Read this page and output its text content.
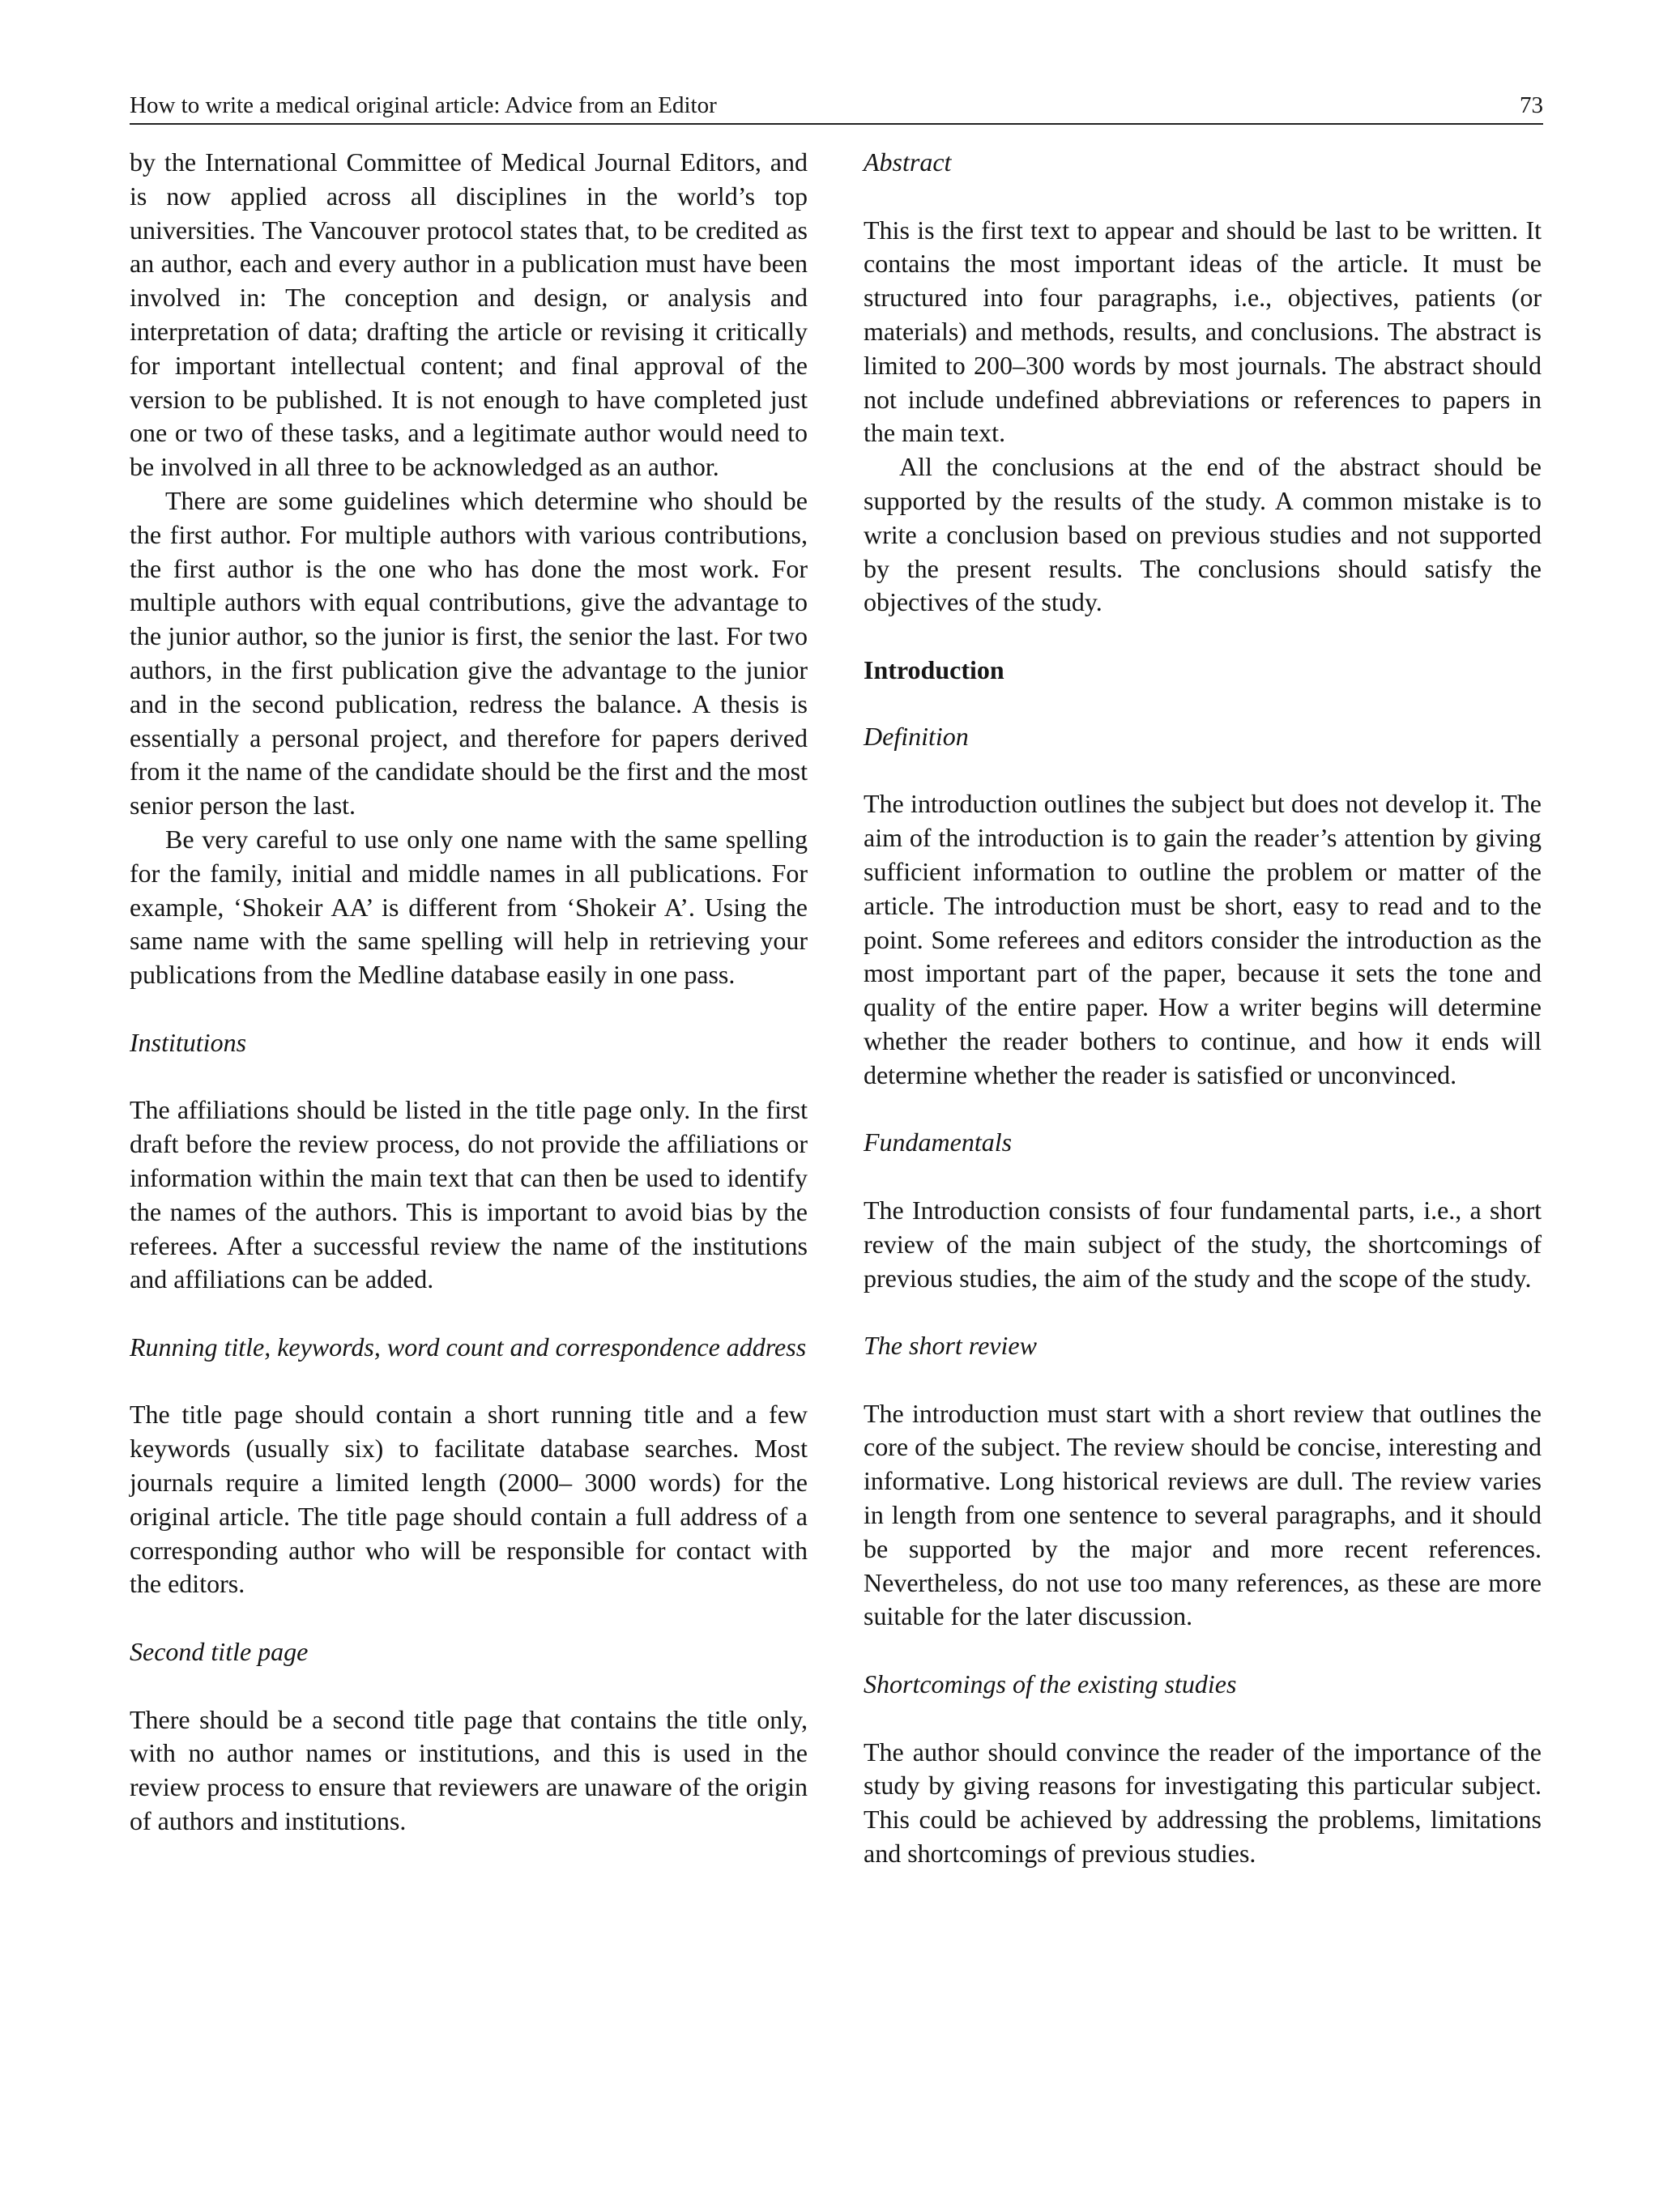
How to write a medical original article: Advice from an Editor	73

by the International Committee of Medical Journal Editors, and is now applied across all disciplines in the world’s top universities. The Vancouver protocol states that, to be credited as an author, each and every author in a publication must have been involved in: The conception and design, or analysis and interpretation of data; drafting the article or revising it critically for important intellectual content; and final approval of the version to be published. It is not enough to have completed just one or two of these tasks, and a legitimate author would need to be involved in all three to be acknowledged as an author.

There are some guidelines which determine who should be the first author. For multiple authors with various contributions, the first author is the one who has done the most work. For multiple authors with equal contributions, give the advantage to the junior author, so the junior is first, the senior the last. For two authors, in the first publication give the advantage to the junior and in the second publication, redress the balance. A thesis is essentially a personal project, and therefore for papers derived from it the name of the candidate should be the first and the most senior person the last.

Be very careful to use only one name with the same spelling for the family, initial and middle names in all publications. For example, ‘Shokeir AA’ is different from ‘Shokeir A’. Using the same name with the same spelling will help in retrieving your publications from the Medline database easily in one pass.

Institutions

The affiliations should be listed in the title page only. In the first draft before the review process, do not provide the affiliations or information within the main text that can then be used to identify the names of the authors. This is important to avoid bias by the referees. After a successful review the name of the institutions and affiliations can be added.

Running title, keywords, word count and correspondence address

The title page should contain a short running title and a few keywords (usually six) to facilitate database searches. Most journals require a limited length (2000– 3000 words) for the original article. The title page should contain a full address of a corresponding author who will be responsible for contact with the editors.

Second title page

There should be a second title page that contains the title only, with no author names or institutions, and this is used in the review process to ensure that reviewers are unaware of the origin of authors and institutions.

Abstract

This is the first text to appear and should be last to be written. It contains the most important ideas of the article. It must be structured into four paragraphs, i.e., objectives, patients (or materials) and methods, results, and conclusions. The abstract is limited to 200–300 words by most journals. The abstract should not include undefined abbreviations or references to papers in the main text.

All the conclusions at the end of the abstract should be supported by the results of the study. A common mistake is to write a conclusion based on previous studies and not supported by the present results. The conclusions should satisfy the objectives of the study.

Introduction
Definition

The introduction outlines the subject but does not develop it. The aim of the introduction is to gain the reader’s attention by giving sufficient information to outline the problem or matter of the article. The introduction must be short, easy to read and to the point. Some referees and editors consider the introduction as the most important part of the paper, because it sets the tone and quality of the entire paper. How a writer begins will determine whether the reader bothers to continue, and how it ends will determine whether the reader is satisfied or unconvinced.

Fundamentals

The Introduction consists of four fundamental parts, i.e., a short review of the main subject of the study, the shortcomings of previous studies, the aim of the study and the scope of the study.

The short review

The introduction must start with a short review that outlines the core of the subject. The review should be concise, interesting and informative. Long historical reviews are dull. The review varies in length from one sentence to several paragraphs, and it should be supported by the major and more recent references. Nevertheless, do not use too many references, as these are more suitable for the later discussion.

Shortcomings of the existing studies

The author should convince the reader of the importance of the study by giving reasons for investigating this particular subject. This could be achieved by addressing the problems, limitations and shortcomings of previous studies.
